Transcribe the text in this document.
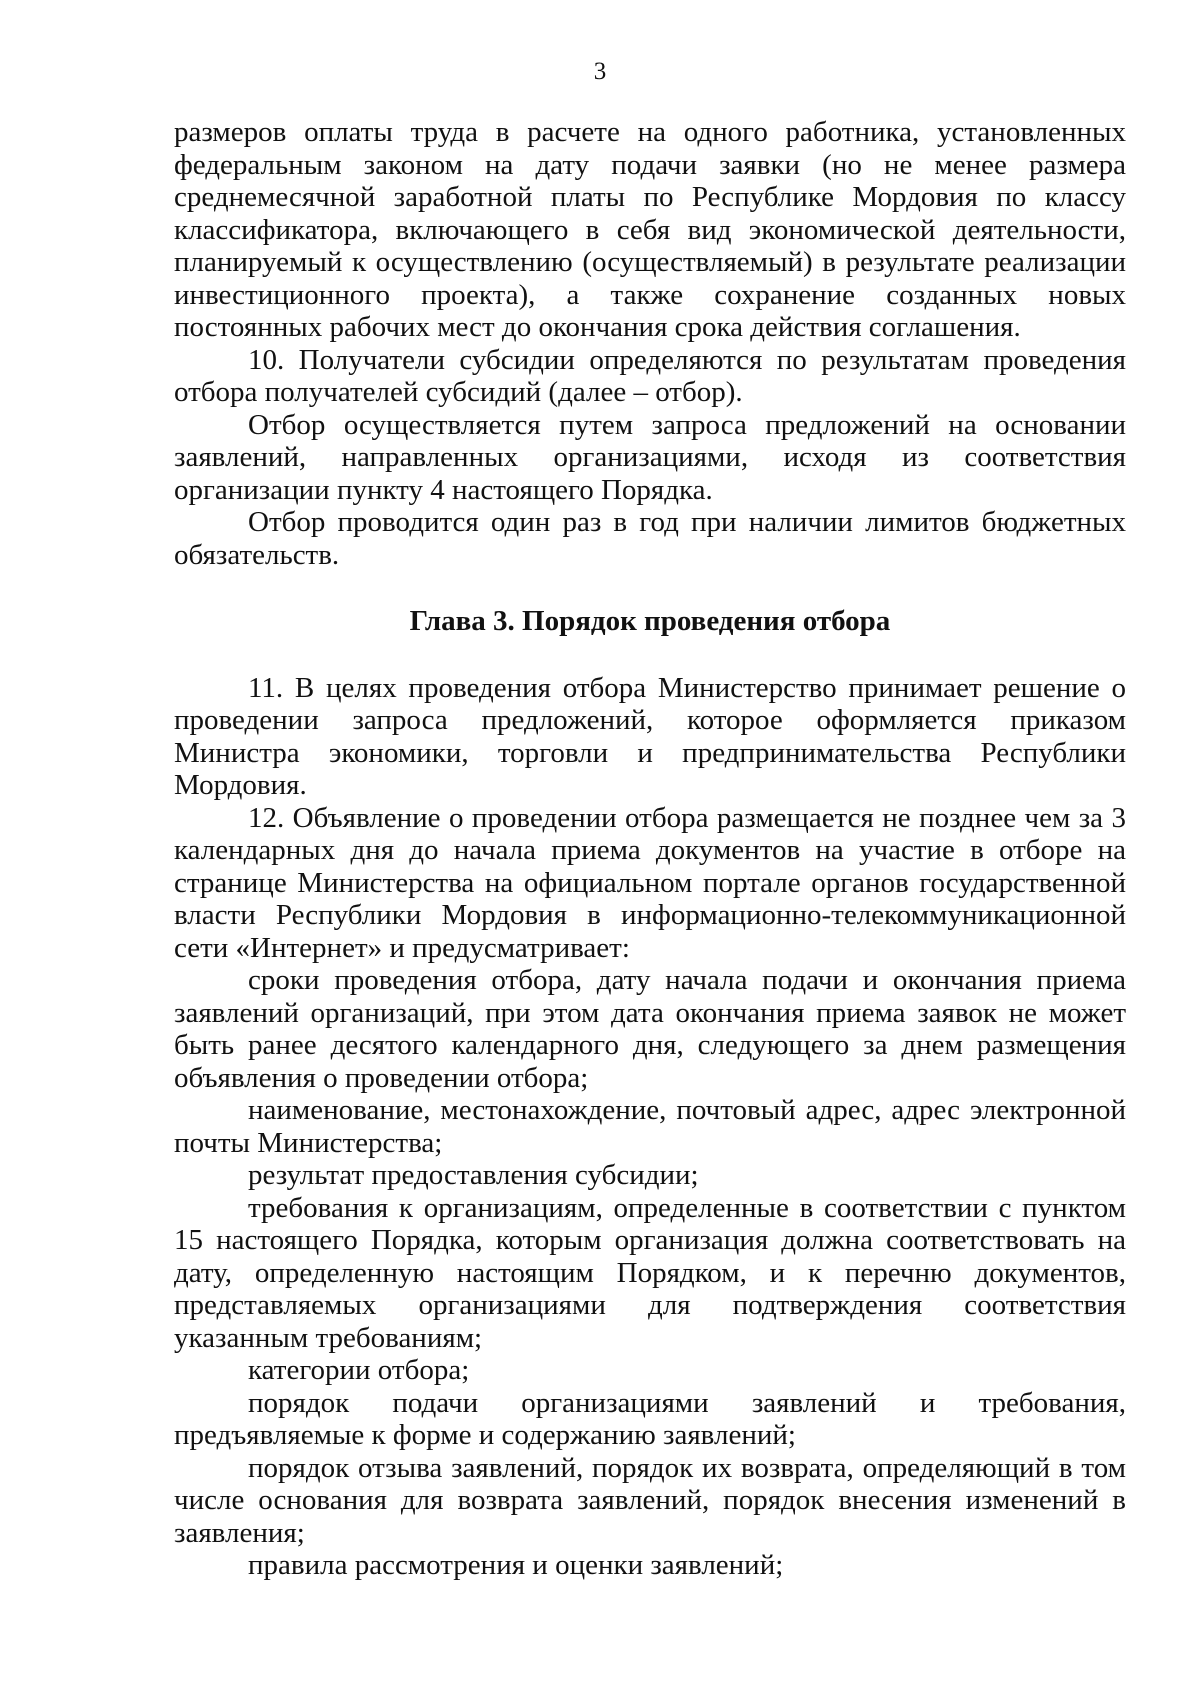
3

размеров оплаты труда в расчете на одного работника, установленных федеральным законом на дату подачи заявки (но не менее размера среднемесячной заработной платы по Республике Мордовия по классу классификатора, включающего в себя вид экономической деятельности, планируемый к осуществлению (осуществляемый) в результате реализации инвестиционного проекта), а также сохранение созданных новых постоянных рабочих мест до окончания срока действия соглашения.

10. Получатели субсидии определяются по результатам проведения отбора получателей субсидий (далее – отбор).

Отбор осуществляется путем запроса предложений на основании заявлений, направленных организациями, исходя из соответствия организации пункту 4 настоящего Порядка.

Отбор проводится один раз в год при наличии лимитов бюджетных обязательств.

Глава 3. Порядок проведения отбора

11. В целях проведения отбора Министерство принимает решение о проведении запроса предложений, которое оформляется приказом Министра экономики, торговли и предпринимательства Республики Мордовия.

12. Объявление о проведении отбора размещается не позднее чем за 3 календарных дня до начала приема документов на участие в отборе на странице Министерства на официальном портале органов государственной власти Республики Мордовия в информационно-телекоммуникационной сети «Интернет» и предусматривает:

сроки проведения отбора, дату начала подачи и окончания приема заявлений организаций, при этом дата окончания приема заявок не может быть ранее десятого календарного дня, следующего за днем размещения объявления о проведении отбора;

наименование, местонахождение, почтовый адрес, адрес электронной почты Министерства;

результат предоставления субсидии;

требования к организациям, определенные в соответствии с пунктом 15 настоящего Порядка, которым организация должна соответствовать на дату, определенную настоящим Порядком, и к перечню документов, представляемых организациями для подтверждения соответствия указанным требованиям;

категории отбора;

порядок подачи организациями заявлений и требования, предъявляемые к форме и содержанию заявлений;

порядок отзыва заявлений, порядок их возврата, определяющий в том числе основания для возврата заявлений, порядок внесения изменений в заявления;

правила рассмотрения и оценки заявлений;
